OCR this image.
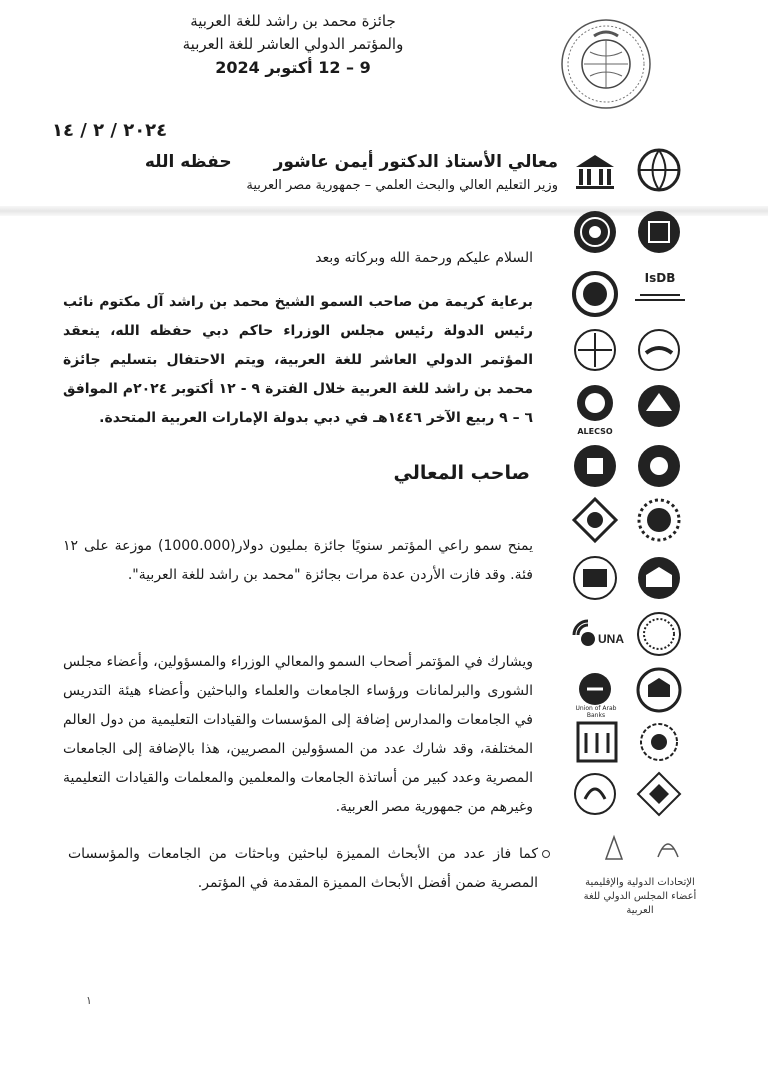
جائزة محمد بن راشد للغة العربية
والمؤتمر الدولي العاشر للغة العربية
9 – 12 أكتوبر 2024
٢٠٢٤ / ٢ / ١٤
معالي الأستاذ الدكتور أيمن عاشور
حفظه الله
وزير التعليم العالي والبحث العلمي – جمهورية مصر العربية
السلام عليكم ورحمة الله وبركاته وبعد
برعاية كريمة من صاحب السمو الشيخ محمد بن راشد آل مكتوم نائب رئيس الدولة رئيس مجلس الوزراء حاكم دبي حفظه الله، ينعقد المؤتمر الدولي العاشر للغة العربية، ويتم الاحتفال بتسليم جائزة محمد بن راشد للغة العربية خلال الفترة ٩ - ١٢ أكتوبر ٢٠٢٤م الموافق ٦ – ٩ ربيع الآخر ١٤٤٦هـ في دبي بدولة الإمارات العربية المتحدة.
صاحب المعالي
يمنح سمو راعي المؤتمر سنويًا جائزة بمليون دولار(1000.000) موزعة على ١٢ فئة. وقد فازت الأردن عدة مرات بجائزة "محمد بن راشد للغة العربية".
ويشارك في المؤتمر أصحاب السمو والمعالي الوزراء والمسؤولين، وأعضاء مجلس الشورى والبرلمانات ورؤساء الجامعات والعلماء والباحثين وأعضاء هيئة التدريس في الجامعات والمدارس إضافة إلى المؤسسات والقيادات التعليمية من دول العالم المختلفة، وقد شارك عدد من المسؤولين المصريين، هذا بالإضافة إلى الجامعات المصرية وعدد كبير من أساتذة الجامعات والمعلمين والمعلمات والقيادات التعليمية وغيرهم من جمهورية مصر العربية.
كما فاز عدد من الأبحاث المميزة لباحثين وباحثات من الجامعات والمؤسسات المصرية ضمن أفضل الأبحاث المميزة المقدمة في المؤتمر.
IsDB
ALECSO
UNA
Union of Arab Banks
الإتحادات الدولية والإقليمية أعضاء المجلس الدولي للغة العربية
١
